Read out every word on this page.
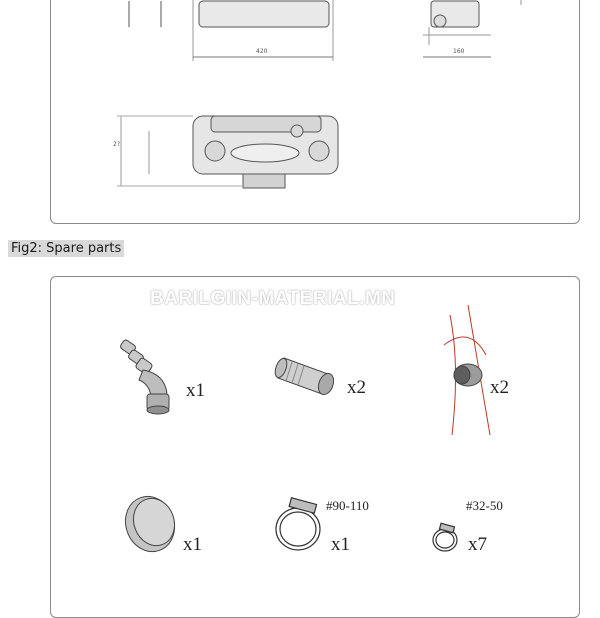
420	160
2?
Fig2: Spare parts
BARILGIIN-MATERIAL.MN
x1	x2	x2
x1
#90-110
x1
#32-50
x7
